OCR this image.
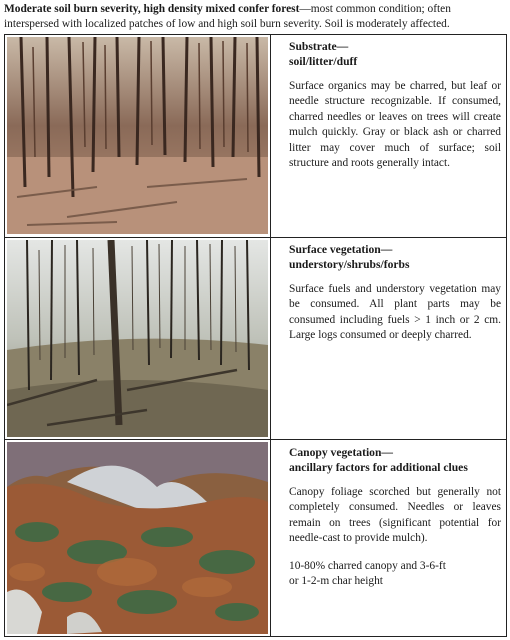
Moderate soil burn severity, high density mixed confer forest—most common condition; often interspersed with localized patches of low and high soil burn severity. Soil is moderately affected.
Substrate—
soil/litter/duff
Surface organics may be charred, but leaf or needle structure recognizable. If consumed, charred needles or leaves on trees will create mulch quickly. Gray or black ash or charred litter may cover much of surface; soil structure and roots generally intact.
Surface vegetation—
understory/shrubs/forbs
Surface fuels and understory vegetation may be consumed. All plant parts may be consumed including fuels > 1 inch or 2 cm. Large logs consumed or deeply charred.
Canopy vegetation—
ancillary factors for additional clues
Canopy foliage scorched but generally not completely consumed. Needles or leaves remain on trees (significant potential for needle-cast to provide mulch).
10-80% charred canopy and 3-6-ft or 1-2-m char height
